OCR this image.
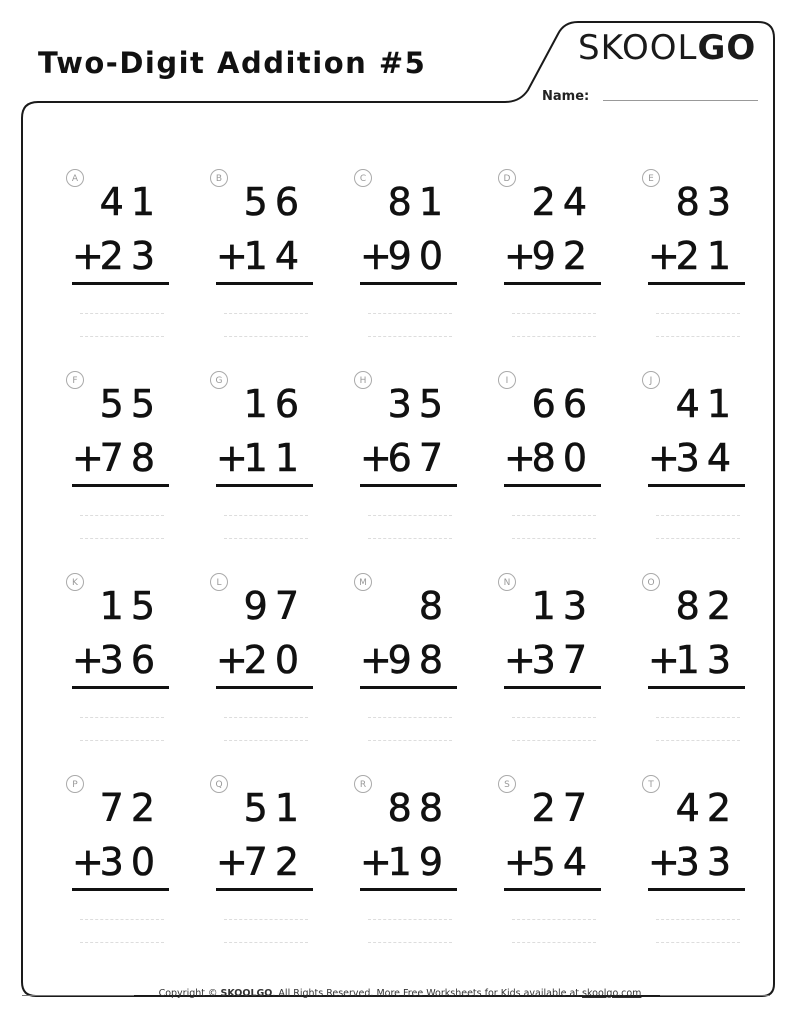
Two-Digit Addition #5	SKOOLGO
Name:
A
41
+
23
B
56
+
14
C
81
+
90
D
24
+
92
E
83
+
21
F
55
+
78
G
16
+
11
H
35
+
67
I
66
+
80
J
41
+
34
K
15
+
36
L
97
+
20
M
8
+
98
N
13
+
37
O
82
+
13
P
72
+
30
Q
51
+
72
R
88
+
19
S
27
+
54
T
42
+
33
Copyright © SKOOLGO. All Rights Reserved. More Free Worksheets for Kids available at skoolgo.com
